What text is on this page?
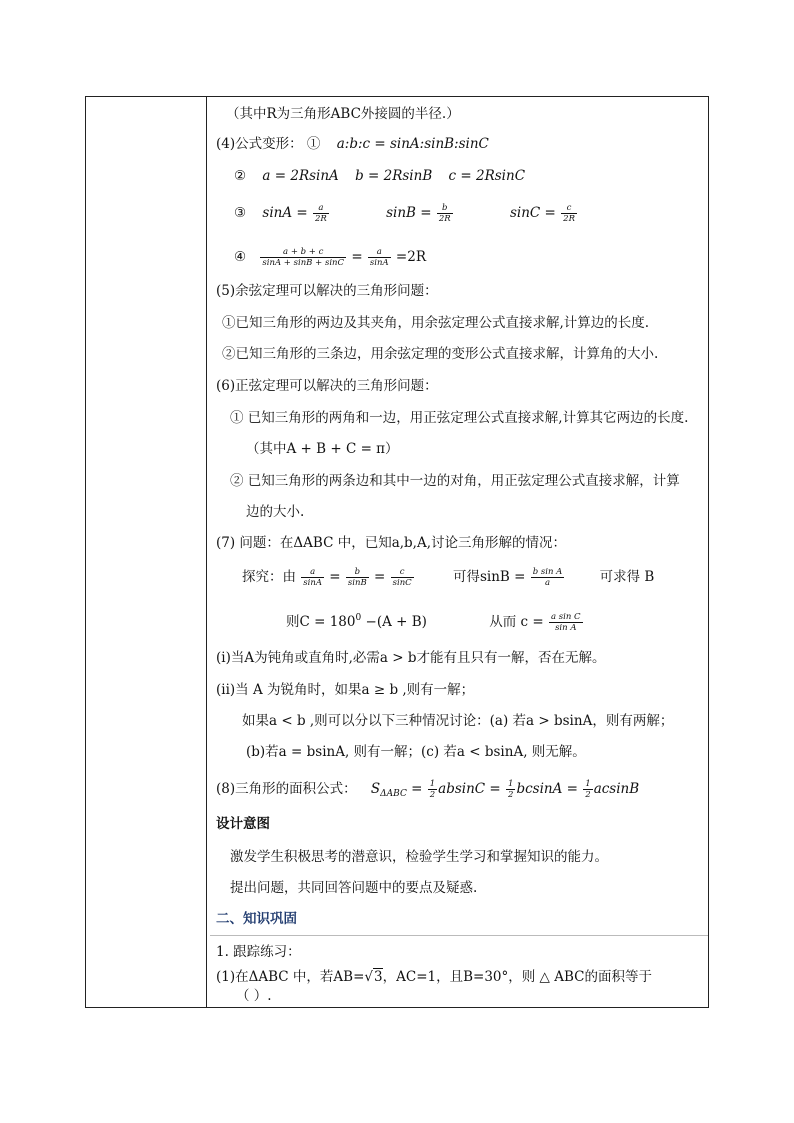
（其中R为三角形ABC外接圆的半径.）
(4)公式变形： ① a:b:c = sinA:sinB:sinC
② a = 2RsinA b = 2RsinB c = 2RsinC
③ $\sin A = \frac{a}{2R}$	$\sin B = \frac{b}{2R}$	$\sin C = \frac{c}{2R}$
④ $\frac{a + b + c}{\sin A + \sin B + \sin C} = \frac{a}{\sin A} =2R$
(5)余弦定理可以解决的三角形问题：
①已知三角形的两边及其夹角，用余弦定理公式直接求解,计算边的长度.
②已知三角形的三条边，用余弦定理的变形公式直接求解，计算角的大小.
(6)正弦定理可以解决的三角形问题：
① 已知三角形的两角和一边，用正弦定理公式直接求解,计算其它两边的长度.
（其中A + B + C = π）
② 已知三角形的两条边和其中一边的对角，用正弦定理公式直接求解，计算
边的大小.
(7) 问题：在ΔABC 中，已知a,b,A,讨论三角形解的情况：
探究：由 $\frac{a}{\sin A} = \frac{b}{\sin B} = \frac{c}{\sin C}$	可得$\sin B = \frac{\text{b sin A}}{a}$	可求得 B
则$C = 180^0 -(A + B)$	从而 $c = \frac{\text{a sin C}}{\text{sin A}}$
(i)当A为钝角或直角时,必需a > b才能有且只有一解，否在无解。
(ii)当 A 为锐角时，如果a ≥ b ,则有一解；
如果a < b ,则可以分以下三种情况讨论：(a) 若a > bsinA，则有两解；
(b)若a = bsinA, 则有一解；(c) 若a < bsinA, 则无解。
(8)三角形的面积公式： $S_{\Delta ABC} = \frac{1}{2}$ $absinC = \frac{1}{2}$ $bcsinA = \frac{1}{2}$ acsinB
设计意图
激发学生积极思考的潜意识，检验学生学习和掌握知识的能力。
提出问题，共同回答问题中的要点及疑惑.
二、知识巩固
1. 跟踪练习：
(1)在ΔABC 中，若AB=√3，AC=1，且B=30°，则 △ ABC的面积等于
（ ）.
